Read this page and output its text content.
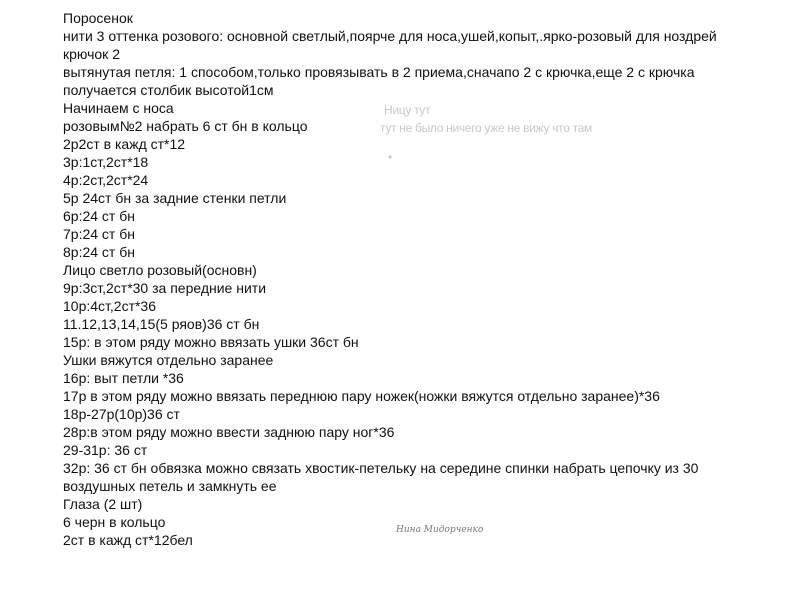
Поросенок
нити 3 оттенка розового: основной светлый,поярче для носа,ушей,копыт,.ярко-розовый для ноздрей
крючок 2
вытянутая петля: 1 способом,только провязывать в 2 приема,сначапо 2 с крючка,еще 2 с крючка
получается столбик высотой1см
Начинаем с носа
розовым№2 набрать 6 ст бн в кольцо
2р2ст в кажд ст*12
3р:1ст,2ст*18
4р:2ст,2ст*24
5р 24ст бн за задние стенки петли
6р:24 ст бн
7р:24 ст бн
8р:24 ст бн
Лицо светло розовый(основн)
9р:3ст,2ст*30 за передние нити
10р:4ст,2ст*36
11.12,13,14,15(5 ряов)36 ст бн
15р: в этом ряду можно ввязать ушки 36ст бн
Ушки вяжутся отдельно заранее
16р: выт петли *36
17р в этом ряду можно ввязать переднюю пару ножек(ножки вяжутся отдельно заранее)*36
18р-27р(10р)36 ст
28р:в этом ряду можно ввести заднюю пару ног*36
29-31р: 36 ст
32р: 36 ст бн обвязка можно связать хвостик-петельку на середине спинки набрать цепочку из 30
воздушных петель и замкнуть ее
Глаза (2 шт)
6 черн в кольцо
2ст в кажд ст*12бел
Ницу тут
тут не было ничего уже не вижу что там
•
Нина Мидорченко
